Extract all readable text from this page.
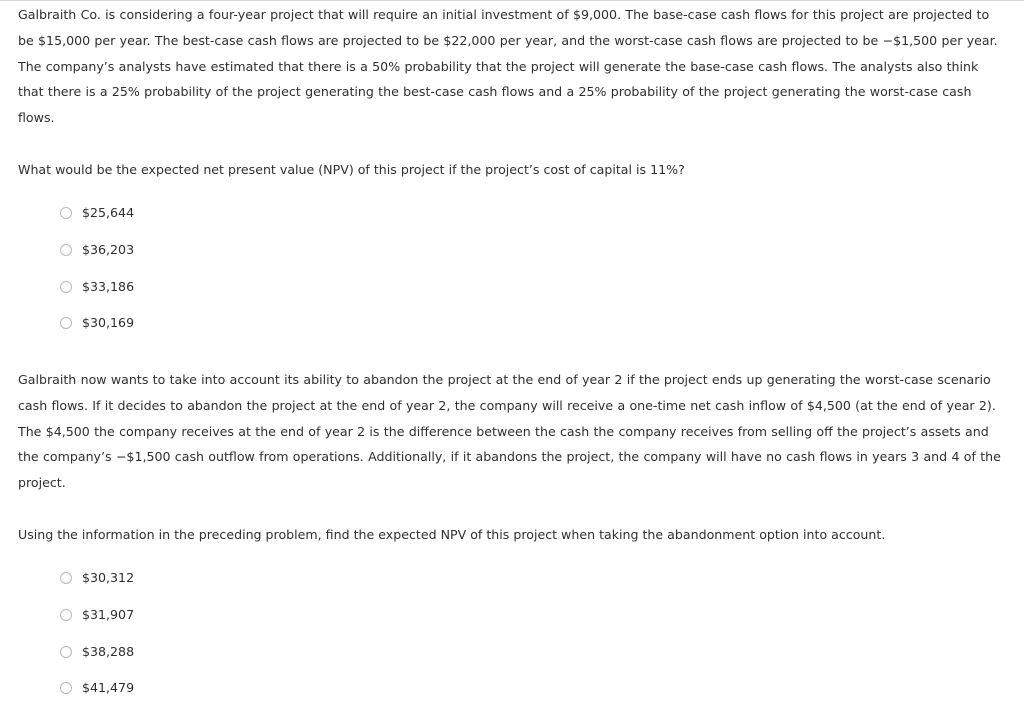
Galbraith Co. is considering a four-year project that will require an initial investment of $9,000. The base-case cash flows for this project are projected to be $15,000 per year. The best-case cash flows are projected to be $22,000 per year, and the worst-case cash flows are projected to be −$1,500 per year. The company’s analysts have estimated that there is a 50% probability that the project will generate the base-case cash flows. The analysts also think that there is a 25% probability of the project generating the best-case cash flows and a 25% probability of the project generating the worst-case cash flows.

What would be the expected net present value (NPV) of this project if the project’s cost of capital is 11%?

$25,644
$36,203
$33,186
$30,169

Galbraith now wants to take into account its ability to abandon the project at the end of year 2 if the project ends up generating the worst-case scenario cash flows. If it decides to abandon the project at the end of year 2, the company will receive a one-time net cash inflow of $4,500 (at the end of year 2). The $4,500 the company receives at the end of year 2 is the difference between the cash the company receives from selling off the project’s assets and the company’s −$1,500 cash outflow from operations. Additionally, if it abandons the project, the company will have no cash flows in years 3 and 4 of the project.

Using the information in the preceding problem, find the expected NPV of this project when taking the abandonment option into account.

$30,312
$31,907
$38,288
$41,479
